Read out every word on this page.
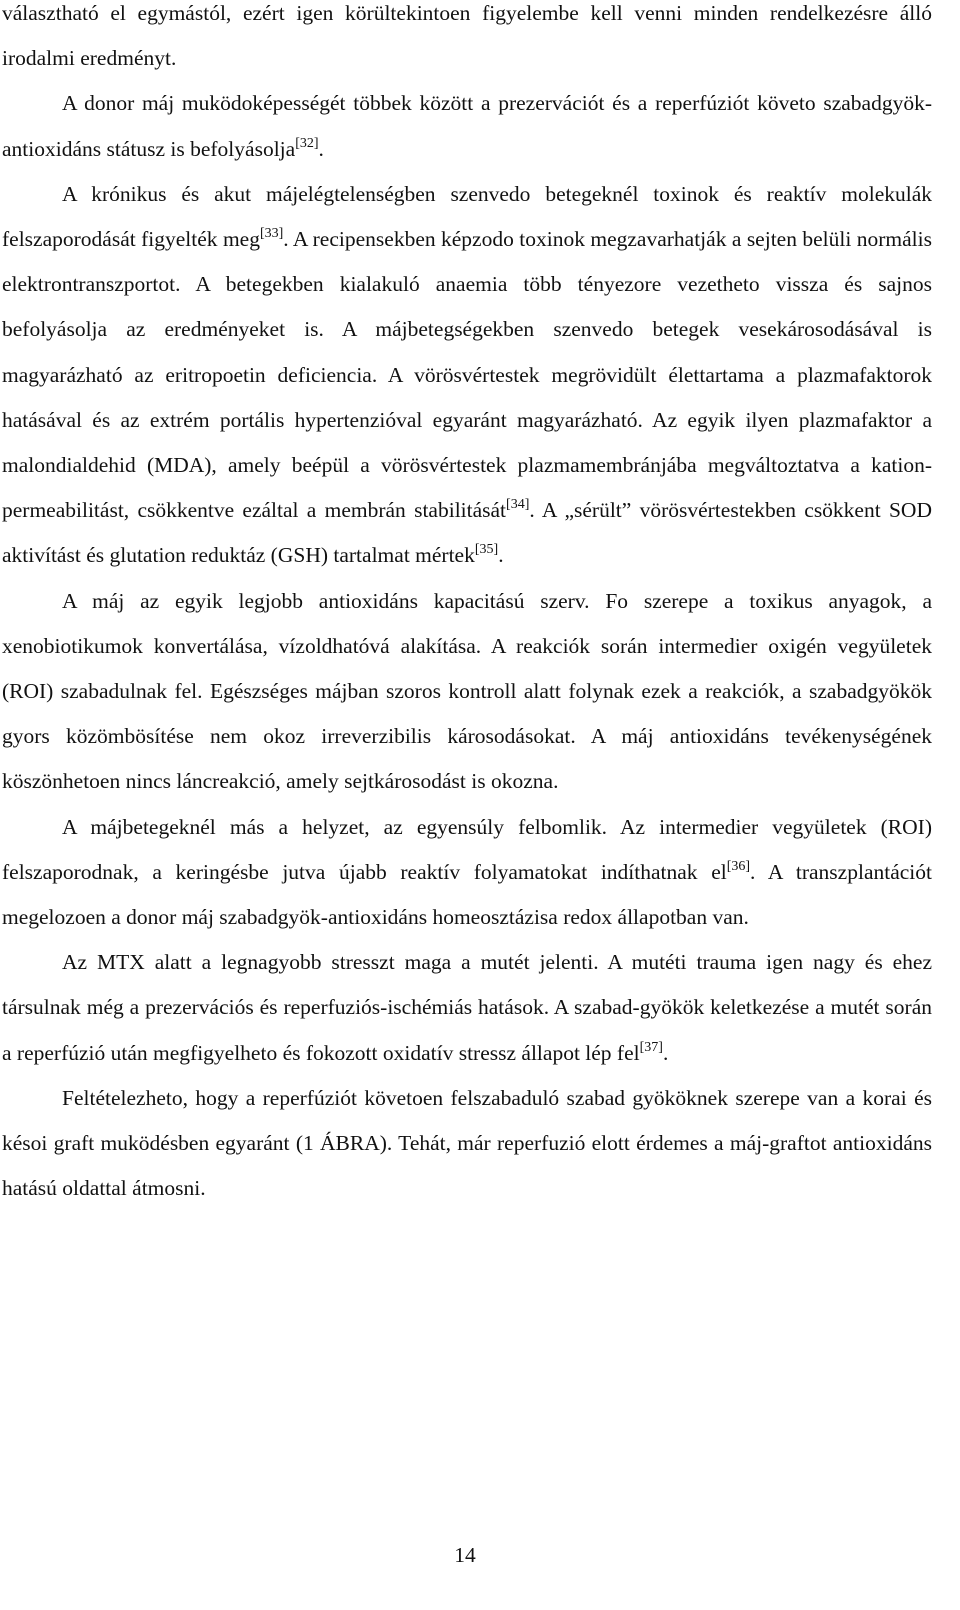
választható el egymástól, ezért igen körültekintoen figyelembe kell venni minden rendelkezésre álló irodalmi eredményt.

A donor máj muködoképességét többek között a prezervációt és a reperfúziót követo szabadgyök-antioxidáns státusz is befolyásolja[32].

A krónikus és akut májelégtelenségben szenvedo betegeknél toxinok és reaktív molekulák felszaporodását figyelték meg[33]. A recipensekben képzodo toxinok megzavarhatják a sejten belüli normális elektrontranszportot. A betegekben kialakuló anaemia több tényezore vezetheto vissza és sajnos befolyásolja az eredményeket is. A májbetegségekben szenvedo betegek vesekárosodásával is magyarázható az eritropoetin deficiencia. A vörösvértestek megrövidült élettartama a plazmafaktorok hatásával és az extrém portális hypertenzióval egyaránt magyarázható. Az egyik ilyen plazmafaktor a malondialdehid (MDA), amely beépül a vörösvértestek plazmamembránjába megváltoztatva a kation-permeabilitást, csökkentve ezáltal a membrán stabilitását[34]. A „sérült” vörösvértestekben csökkent SOD aktivítást és glutation reduktáz (GSH) tartalmat mértek[35].

A máj az egyik legjobb antioxidáns kapacitású szerv. Fo szerepe a toxikus anyagok, a xenobiotikumok konvertálása, vízoldhatóvá alakítása. A reakciók során intermedier oxigén vegyületek (ROI) szabadulnak fel. Egészséges májban szoros kontroll alatt folynak ezek a reakciók, a szabadgyökök gyors közömbösítése nem okoz irreverzibilis károsodásokat. A máj antioxidáns tevékenységének köszönhetoen nincs láncreakció, amely sejtkárosodást is okozna.

A májbetegeknél más a helyzet, az egyensúly felbomlik. Az intermedier vegyületek (ROI) felszaporodnak, a keringésbe jutva újabb reaktív folyamatokat indíthatnak el[36]. A transzplantációt megelozoen a donor máj szabadgyök-antioxidáns homeosztázisa redox állapotban van.

Az MTX alatt a legnagyobb stresszt maga a mutét jelenti. A mutéti trauma igen nagy és ehez társulnak még a prezervációs és reperfuziós-ischémiás hatások. A szabad-gyökök keletkezése a mutét során a reperfúzió után megfigyelheto és fokozott oxidatív stressz állapot lép fel[37].

Feltételezheto, hogy a reperfúziót követoen felszabaduló szabad gyököknek szerepe van a korai és késoi graft muködésben egyaránt (1 ÁBRA). Tehát, már reperfuzió elott érdemes a máj-graftot antioxidáns hatású oldattal átmosni.

14
